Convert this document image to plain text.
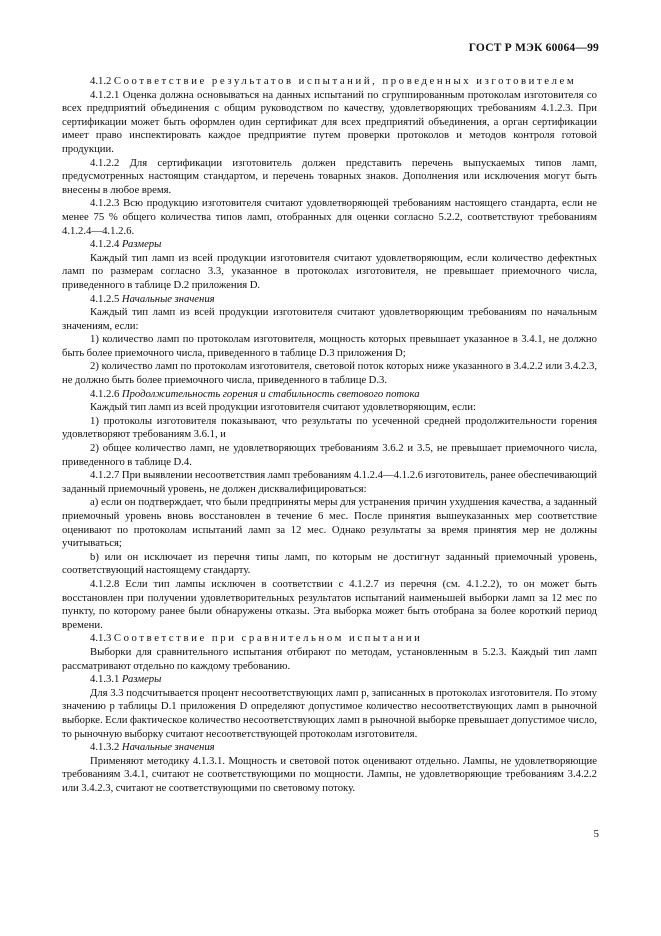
ГОСТ Р МЭК 60064—99

4.1.2 Соответствие результатов испытаний, проведенных изготовителем

4.1.2.1 Оценка должна основываться на данных испытаний по сгруппированным протоколам изготовителя со всех предприятий объединения с общим руководством по качеству, удовлетворяющих требованиям 4.1.2.3. При сертификации может быть оформлен один сертификат для всех предприятий объединения, а орган сертификации имеет право инспектировать каждое предприятие путем проверки протоколов и методов контроля готовой продукции.

4.1.2.2 Для сертификации изготовитель должен представить перечень выпускаемых типов ламп, предусмотренных настоящим стандартом, и перечень товарных знаков. Дополнения или исключения могут быть внесены в любое время.

4.1.2.3 Всю продукцию изготовителя считают удовлетворяющей требованиям настоящего стандарта, если не менее 75 % общего количества типов ламп, отобранных для оценки согласно 5.2.2, соответствуют требованиям 4.1.2.4—4.1.2.6.

4.1.2.4 Размеры

Каждый тип ламп из всей продукции изготовителя считают удовлетворяющим, если количество дефектных ламп по размерам согласно 3.3, указанное в протоколах изготовителя, не превышает приемочного числа, приведенного в таблице D.2 приложения D.

4.1.2.5 Начальные значения

Каждый тип ламп из всей продукции изготовителя считают удовлетворяющим требованиям по начальным значениям, если:

1) количество ламп по протоколам изготовителя, мощность которых превышает указанное в 3.4.1, не должно быть более приемочного числа, приведенного в таблице D.3 приложения D;

2) количество ламп по протоколам изготовителя, световой поток которых ниже указанного в 3.4.2.2 или 3.4.2.3, не должно быть более приемочного числа, приведенного в таблице D.3.

4.1.2.6 Продолжительность горения и стабильность светового потока

Каждый тип ламп из всей продукции изготовителя считают удовлетворяющим, если:

1) протоколы изготовителя показывают, что результаты по усеченной средней продолжительности горения удовлетворяют требованиям 3.6.1, и

2) общее количество ламп, не удовлетворяющих требованиям 3.6.2 и 3.5, не превышает приемочного числа, приведенного в таблице D.4.

4.1.2.7 При выявлении несоответствия ламп требованиям 4.1.2.4—4.1.2.6 изготовитель, ранее обеспечивающий заданный приемочный уровень, не должен дисквалифицироваться:

a) если он подтверждает, что были предприняты меры для устранения причин ухудшения качества, а заданный приемочный уровень вновь восстановлен в течение 6 мес. После принятия вышеуказанных мер соответствие оценивают по протоколам испытаний ламп за 12 мес. Однако результаты за время принятия мер не должны учитываться;

b) или он исключает из перечня типы ламп, по которым не достигнут заданный приемочный уровень, соответствующий настоящему стандарту.

4.1.2.8 Если тип лампы исключен в соответствии с 4.1.2.7 из перечня (см. 4.1.2.2), то он может быть восстановлен при получении удовлетворительных результатов испытаний наименьшей выборки ламп за 12 мес по пункту, по которому ранее были обнаружены отказы. Эта выборка может быть отобрана за более короткий период времени.

4.1.3 Соответствие при сравнительном испытании

Выборки для сравнительного испытания отбирают по методам, установленным в 5.2.3. Каждый тип ламп рассматривают отдельно по каждому требованию.

4.1.3.1 Размеры

Для 3.3 подсчитывается процент несоответствующих ламп p, записанных в протоколах изготовителя. По этому значению p таблицы D.1 приложения D определяют допустимое количество несоответствующих ламп в рыночной выборке. Если фактическое количество несоответствующих ламп в рыночной выборке превышает допустимое число, то рыночную выборку считают несоответствующей протоколам изготовителя.

4.1.3.2 Начальные значения

Применяют методику 4.1.3.1. Мощность и световой поток оценивают отдельно. Лампы, не удовлетворяющие требованиям 3.4.1, считают не соответствующими по мощности. Лампы, не удовлетворяющие требованиям 3.4.2.2 или 3.4.2.3, считают не соответствующими по световому потоку.

5
